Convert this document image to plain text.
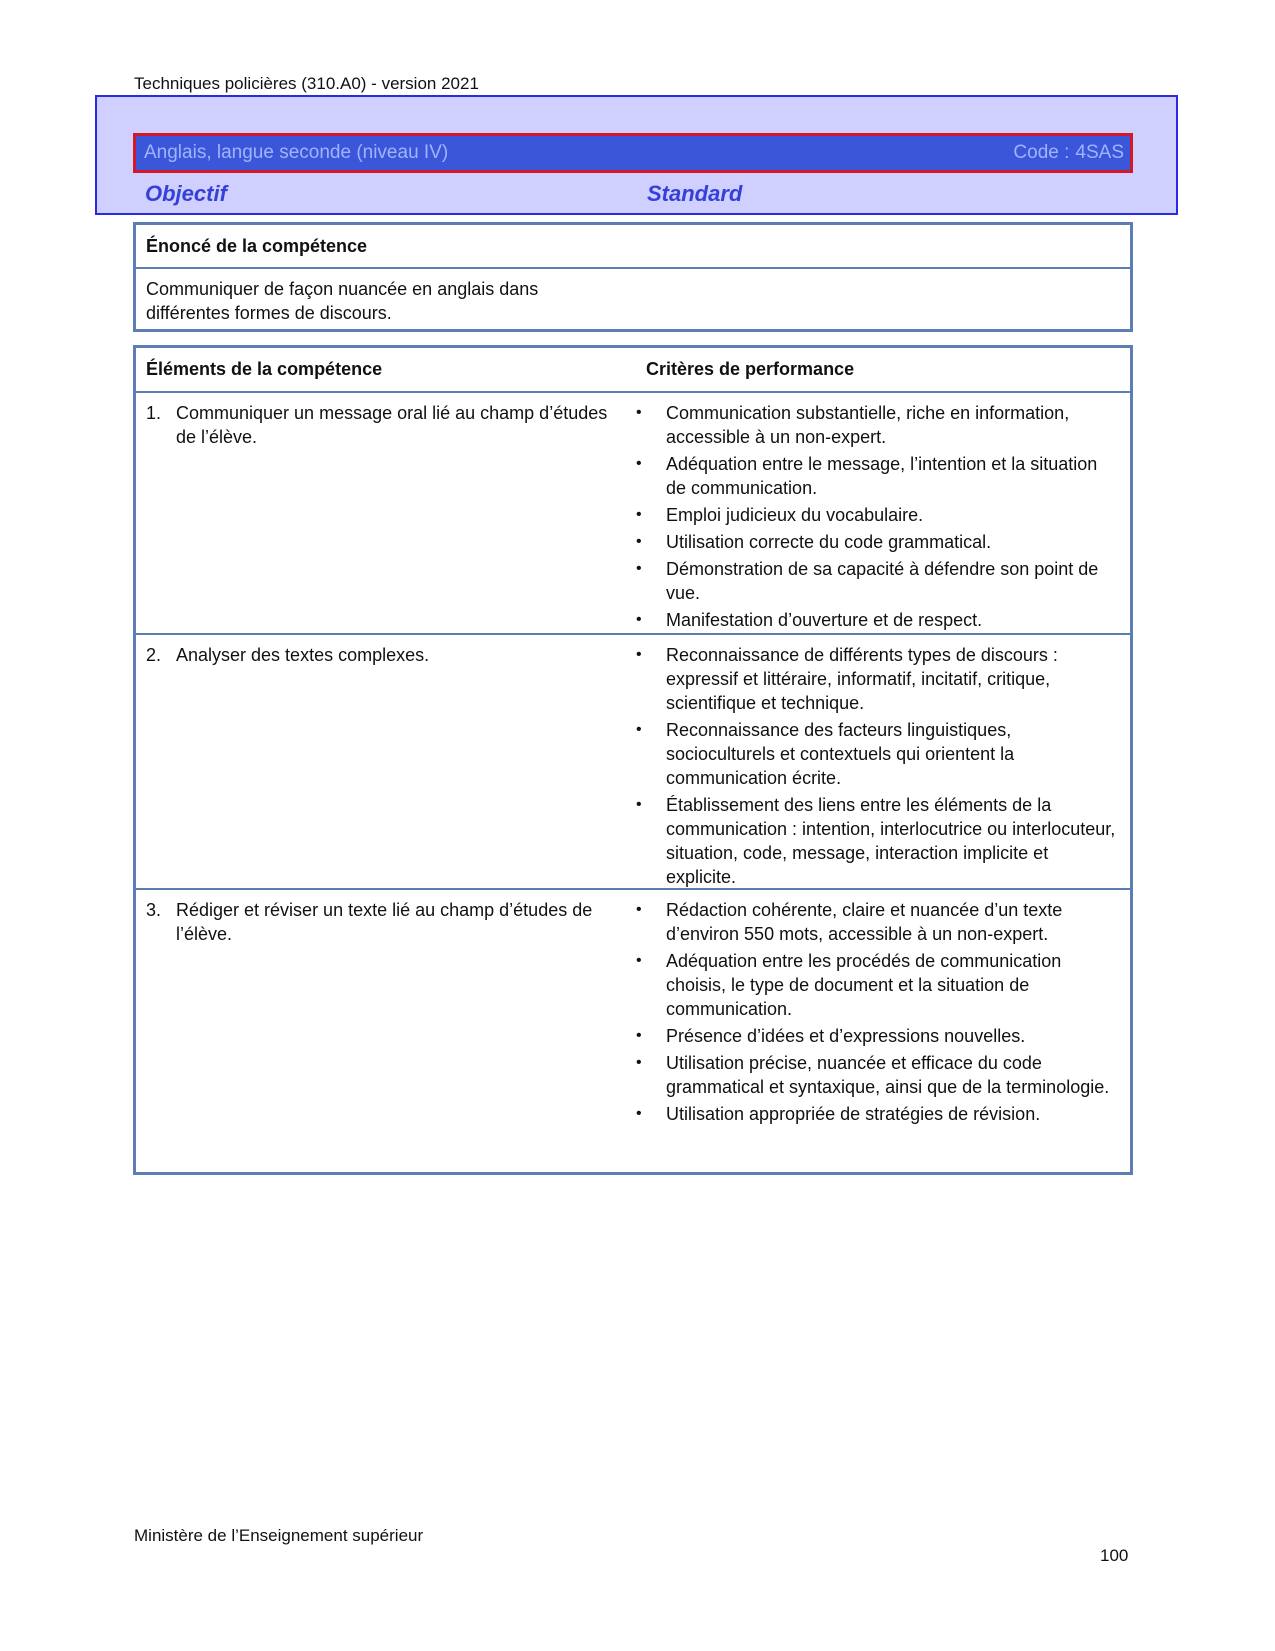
Techniques policières (310.A0) - version 2021
Anglais, langue seconde (niveau IV)	Code : 4SAS
Objectif	Standard
Énoncé de la compétence
Communiquer de façon nuancée en anglais dans différentes formes de discours.
Éléments de la compétence	Critères de performance
1. Communiquer un message oral lié au champ d’études de l’élève.
•	Communication substantielle, riche en information, accessible à un non-expert.
•	Adéquation entre le message, l’intention et la situation de communication.
•	Emploi judicieux du vocabulaire.
•	Utilisation correcte du code grammatical.
•	Démonstration de sa capacité à défendre son point de vue.
•	Manifestation d’ouverture et de respect.
2. Analyser des textes complexes.	•	Reconnaissance de différents types de discours : expressif et littéraire, informatif, incitatif, critique, scientifique et technique.
•	Reconnaissance des facteurs linguistiques, socioculturels et contextuels qui orientent la communication écrite.
•	Établissement des liens entre les éléments de la communication : intention, interlocutrice ou interlocuteur, situation, code, message, interaction implicite et explicite.
3. Rédiger et réviser un texte lié au champ d’études de l’élève.
•	Rédaction cohérente, claire et nuancée d’un texte d’environ 550 mots, accessible à un non-expert.
•	Adéquation entre les procédés de communication choisis, le type de document et la situation de communication.
•	Présence d’idées et d’expressions nouvelles.
•	Utilisation précise, nuancée et efficace du code grammatical et syntaxique, ainsi que de la terminologie.
•	Utilisation appropriée de stratégies de révision.
Ministère de l’Enseignement supérieur
100
